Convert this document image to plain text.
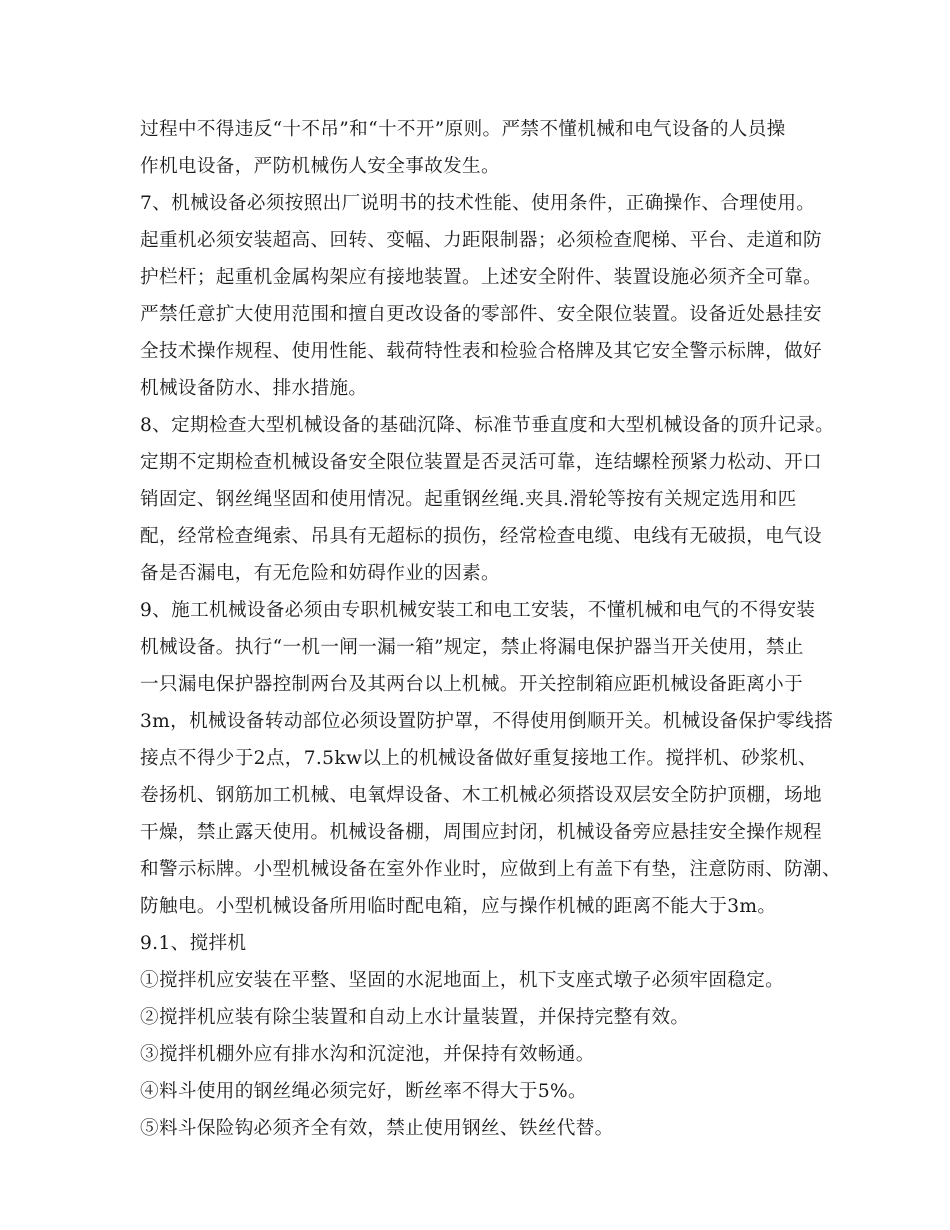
过程中不得违反“十不吊”和“十不开”原则。严禁不懂机械和电气设备的人员操
作机电设备，严防机械伤人安全事故发生。
7、机械设备必须按照出厂说明书的技术性能、使用条件，正确操作、合理使用。
起重机必须安装超高、回转、变幅、力距限制器；必须检查爬梯、平台、走道和防
护栏杆；起重机金属构架应有接地装置。上述安全附件、装置设施必须齐全可靠。
严禁任意扩大使用范围和擅自更改设备的零部件、安全限位装置。设备近处悬挂安
全技术操作规程、使用性能、载荷特性表和检验合格牌及其它安全警示标牌，做好
机械设备防水、排水措施。
8、定期检查大型机械设备的基础沉降、标准节垂直度和大型机械设备的顶升记录。
定期不定期检查机械设备安全限位装置是否灵活可靠，连结螺栓预紧力松动、开口
销固定、钢丝绳坚固和使用情况。起重钢丝绳.夹具.滑轮等按有关规定选用和匹
配，经常检查绳索、吊具有无超标的损伤，经常检查电缆、电线有无破损，电气设
备是否漏电，有无危险和妨碍作业的因素。
9、施工机械设备必须由专职机械安装工和电工安装，不懂机械和电气的不得安装
机械设备。执行“一机一闸一漏一箱”规定，禁止将漏电保护器当开关使用，禁止
一只漏电保护器控制两台及其两台以上机械。开关控制箱应距机械设备距离小于
3m，机械设备转动部位必须设置防护罩，不得使用倒顺开关。机械设备保护零线搭
接点不得少于2点，7.5kw以上的机械设备做好重复接地工作。搅拌机、砂浆机、
卷扬机、钢筋加工机械、电氧焊设备、木工机械必须搭设双层安全防护顶棚，场地
干燥，禁止露天使用。机械设备棚，周围应封闭，机械设备旁应悬挂安全操作规程
和警示标牌。小型机械设备在室外作业时，应做到上有盖下有垫，注意防雨、防潮、
防触电。小型机械设备所用临时配电箱，应与操作机械的距离不能大于3m。
9.1、搅拌机
①搅拌机应安装在平整、坚固的水泥地面上，机下支座式墩子必须牢固稳定。
②搅拌机应装有除尘装置和自动上水计量装置，并保持完整有效。
③搅拌机棚外应有排水沟和沉淀池，并保持有效畅通。
④料斗使用的钢丝绳必须完好，断丝率不得大于5%。
⑤料斗保险钩必须齐全有效，禁止使用钢丝、铁丝代替。
